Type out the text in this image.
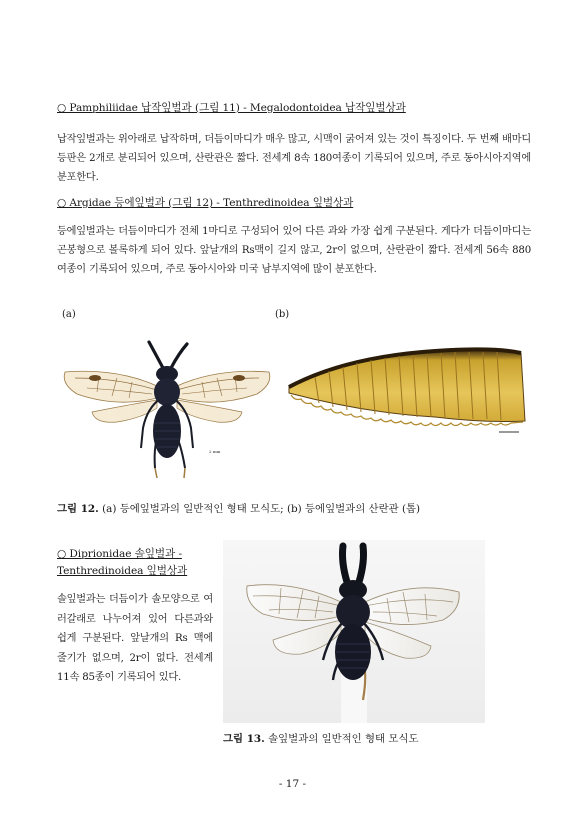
○ Pamphiliidae 납작잎벌과 (그림 11) - Megalodontoidea 납작잎벌상과
납작잎벌과는 위아래로 납작하며, 더듬이마디가 매우 많고, 시맥이 굵어져 있는 것이 특징이다. 두 번째 배마디등판은 2개로 분리되어 있으며, 산란관은 짧다. 전세계 8속 180여종이 기록되어 있으며, 주로 동아시아지역에 분포한다.
○ Argidae 등에잎벌과 (그림 12) - Tenthredinoidea 잎벌상과
등에잎벌과는 더듬이마디가 전체 1마디로 구성되어 있어 다른 과와 가장 쉽게 구분된다. 게다가 더듬이마디는 곤봉형으로 볼록하게 되어 있다. 앞날개의 Rs맥이 길지 않고, 2r이 없으며, 산란관이 짧다. 전세계 56속 880여종이 기록되어 있으며, 주로 동아시아와 미국 남부지역에 많이 분포한다.
(a)	(b)
2 mm
그림 12. (a) 등에잎벌과의 일반적인 형태 모식도; (b) 등에잎벌과의 산란관 (톱)
○ Diprionidae 솔잎벌과 -
Tenthredinoidea 잎벌상과
솔잎벌과는 더듬이가 솔모양으로 여러갈래로 나누어져 있어 다른과와 쉽게 구분된다. 앞날개의 Rs 맥에 줄기가 없으며, 2r이 없다. 전세계 11속 85종이 기록되어 있다.
그림 13. 솔잎벌과의 일반적인 형태 모식도
- 17 -
